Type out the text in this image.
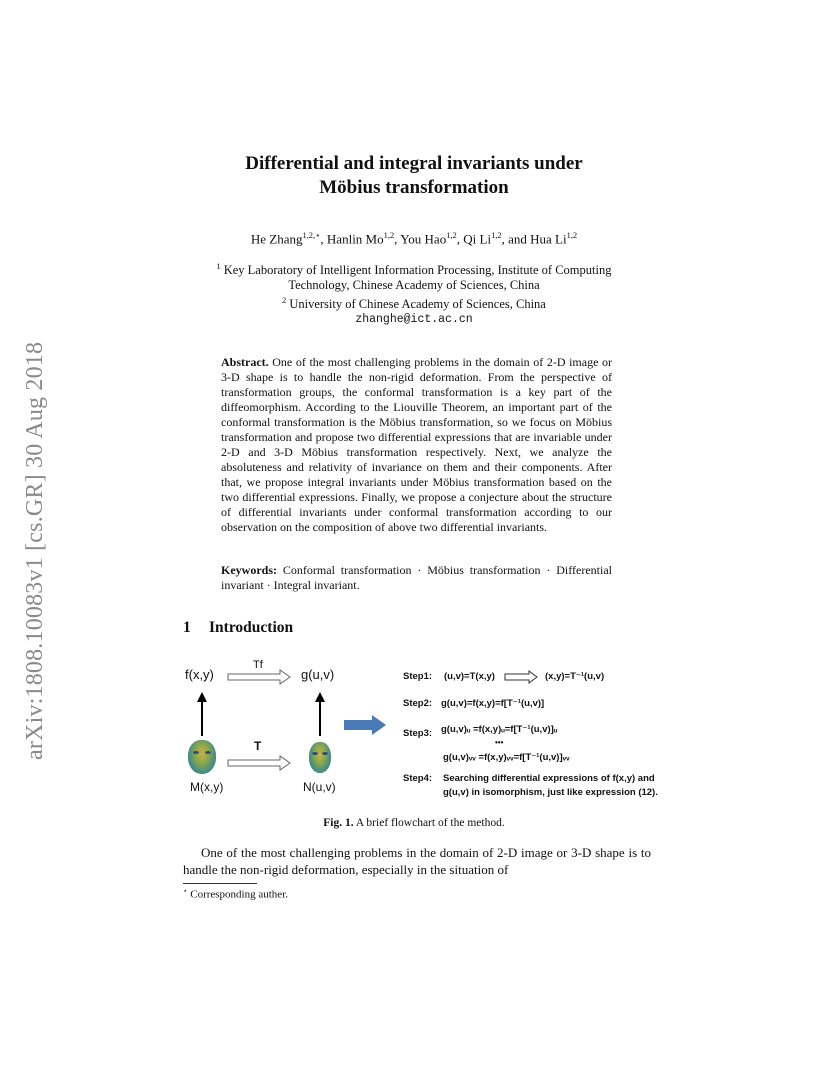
arXiv:1808.10083v1 [cs.GR] 30 Aug 2018
Differential and integral invariants under
Möbius transformation
He Zhang$^{1,2,⋆}$, Hanlin Mo$^{1,2}$, You Hao$^{1,2}$, Qi Li$^{1,2}$, and Hua Li$^{1,2}$
$^1$ Key Laboratory of Intelligent Information Processing, Institute of Computing
Technology, Chinese Academy of Sciences, China
$^2$ University of Chinese Academy of Sciences, China
zhanghe@ict.ac.cn
Abstract. One of the most challenging problems in the domain of 2-D image or 3-D shape is to handle the non-rigid deformation. From the perspective of transformation groups, the conformal transformation is a key part of the diffeomorphism. According to the Liouville Theorem, an important part of the conformal transformation is the Möbius transformation, so we focus on Möbius transformation and propose two differential expressions that are invariable under 2-D and 3-D Möbius transformation respectively. Next, we analyze the absoluteness and relativity of invariance on them and their components. After that, we propose integral invariants under Möbius transformation based on the two differential expressions. Finally, we propose a conjecture about the structure of differential invariants under conformal transformation according to our observation on the composition of above two differential invariants.
Keywords: Conformal transformation · Möbius transformation · Differential invariant · Integral invariant.
1 Introduction
f(x,y)	g(u,v)
Tf
T
M(x,y)	N(u,v)
Step1: (u,v)=T(x,y)	(x,y)=T⁻¹(u,v)
Step2: g(u,v)=f(x,y)=f[T⁻¹(u,v)]
Step3: g(u,v)ᵤ =f(x,y)ᵤ=f[T⁻¹(u,v)]ᵤ
•••
g(u,v)ᵥᵥ =f(x,y)ᵥᵥ=f[T⁻¹(u,v)]ᵥᵥ
Step4: Searching differential expressions of f(x,y) and
g(u,v) in isomorphism, just like expression (12).
Fig. 1. A brief flowchart of the method.
One of the most challenging problems in the domain of 2-D image or 3-D shape is to handle the non-rigid deformation, especially in the situation of
⋆ Corresponding auther.
